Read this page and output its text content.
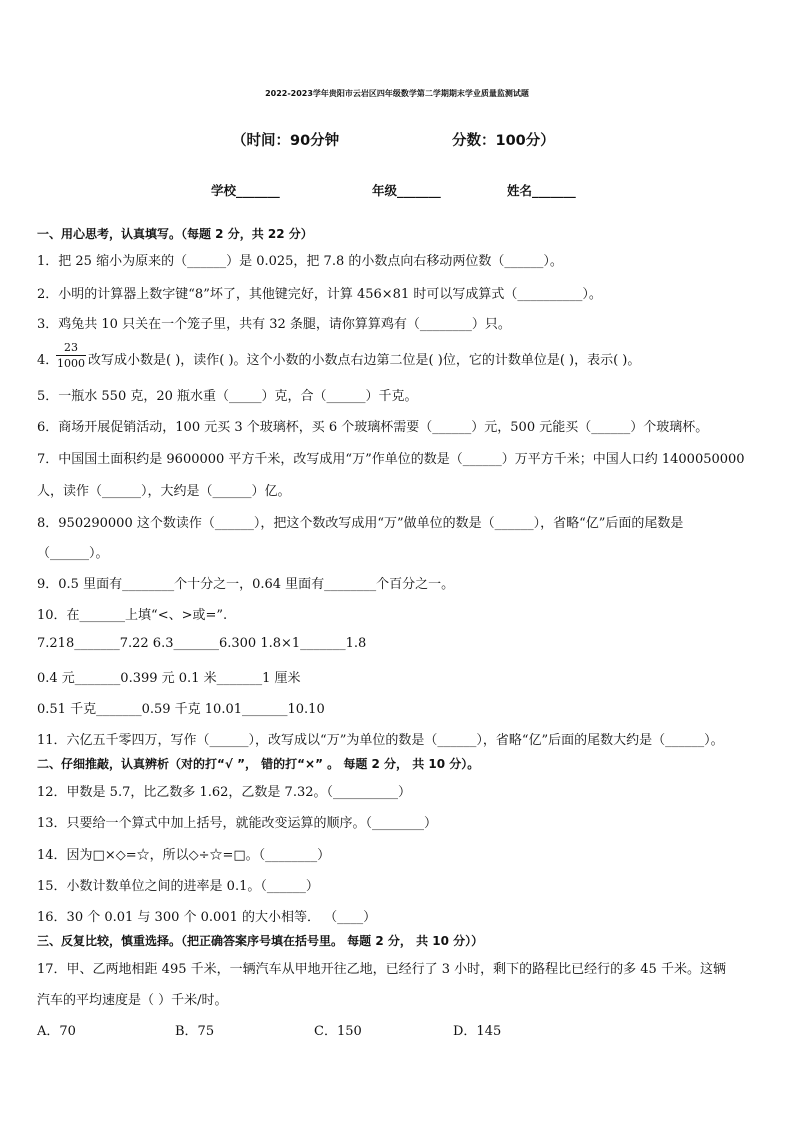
2022-2023学年贵阳市云岩区四年级数学第二学期期末学业质量监测试题
（时间：90分钟	分数：100分）
学校_______	年级_______	姓名_______
一、用心思考，认真填写。（每题 2 分，共 22 分）
1．把 25 缩小为原来的（______）是 0.025，把 7.8 的小数点向右移动两位数（______）。
2．小明的计算器上数字键“8”坏了，其他键完好，计算 456×81 时可以写成算式（__________）。
3．鸡兔共 10 只关在一个笼子里，共有 32 条腿，请你算算鸡有（________）只。
4．
$\frac{23}{1000}$ 改写成小数是( )，读作( )。这个小数的小数点右边第二位是( )位，它的计数单位是( )，表示( )。
5．一瓶水 550 克，20 瓶水重（_____）克，合（______）千克。
6．商场开展促销活动，100 元买 3 个玻璃杯，买 6 个玻璃杯需要（______）元，500 元能买（______）个玻璃杯。
7．中国国土面积约是 9600000 平方千米，改写成用“万”作单位的数是（______）万平方千米；中国人口约 1400050000
人，读作（______），大约是（______）亿。
8．950290000 这个数读作（______），把这个数改写成用“万”做单位的数是（______），省略“亿”后面的尾数是
（______）。
9．0.5 里面有________个十分之一，0.64 里面有________个百分之一。
10．在_______上填“<、>或=”.
7.218_______7.22 6.3_______6.300 1.8×1_______1.8
0.4 元_______0.399 元 0.1 米_______1 厘米
0.51 千克_______0.59 千克 10.01_______10.10
11．六亿五千零四万，写作（______），改写成以“万”为单位的数是（______），省略“亿”后面的尾数大约是（______）。
二、仔细推敲，认真辨析（对的打“√ ”， 错的打“×” 。 每题 2 分， 共 10 分）。
12．甲数是 5.7，比乙数多 1.62，乙数是 7.32。（__________）
13．只要给一个算式中加上括号，就能改变运算的顺序。（________）
14．因为□×◇=☆，所以◇÷☆=□。（________）
15．小数计数单位之间的进率是 0.1。（______）
16．30 个 0.01 与 300 个 0.001 的大小相等． （____）
三、反复比较，慎重选择。（把正确答案序号填在括号里。 每题 2 分， 共 10 分））
17．甲、乙两地相距 495 千米，一辆汽车从甲地开往乙地，已经行了 3 小时，剩下的路程比已经行的多 45 千米。这辆
汽车的平均速度是（ ）千米/时。
A．70	B．75	C．150	D．145
